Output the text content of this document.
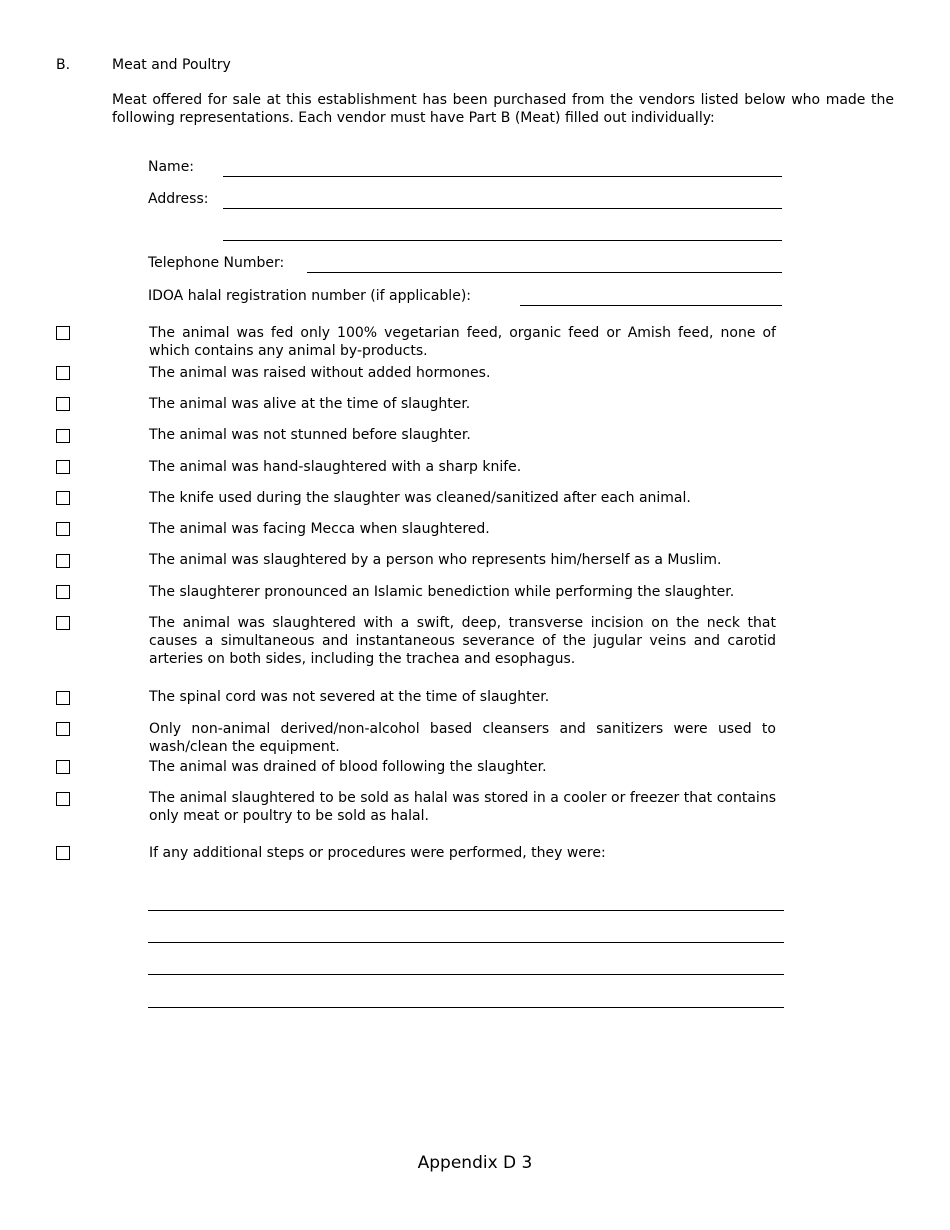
B.	Meat and Poultry
Meat offered for sale at this establishment has been purchased from the vendors listed below who made the following representations. Each vendor must have Part B (Meat) filled out individually:
Name:
Address:
Telephone Number:
IDOA halal registration number (if applicable):
The animal was fed only 100% vegetarian feed, organic feed or Amish feed, none of which contains any animal by-products.
The animal was raised without added hormones.
The animal was alive at the time of slaughter.
The animal was not stunned before slaughter.
The animal was hand-slaughtered with a sharp knife.
The knife used during the slaughter was cleaned/sanitized after each animal.
The animal was facing Mecca when slaughtered.
The animal was slaughtered by a person who represents him/herself as a Muslim.
The slaughterer pronounced an Islamic benediction while performing the slaughter.
The animal was slaughtered with a swift, deep, transverse incision on the neck that causes a simultaneous and instantaneous severance of the jugular veins and carotid arteries on both sides, including the trachea and esophagus.
The spinal cord was not severed at the time of slaughter.
Only non-animal derived/non-alcohol based cleansers and sanitizers were used to wash/clean the equipment.
The animal was drained of blood following the slaughter.
The animal slaughtered to be sold as halal was stored in a cooler or freezer that contains only meat or poultry to be sold as halal.
If any additional steps or procedures were performed, they were:
Appendix D 3
